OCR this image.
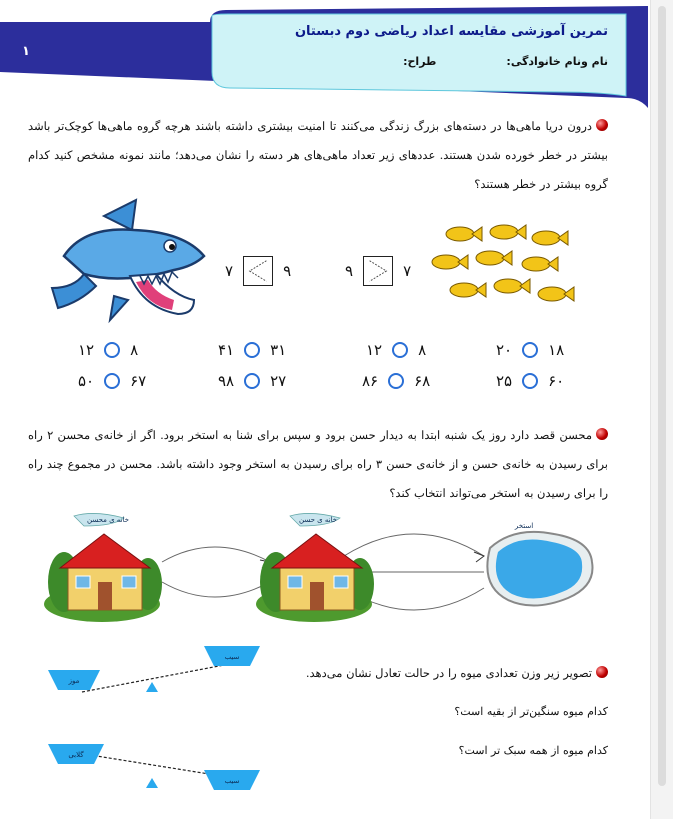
۱
تمرین آموزشی مقایسه اعداد ریاضی دوم دبستان
نام ونام خانوادگی:طراح:
درون دریا ماهی‌ها در دسته‌های بزرگ زندگی می‌کنند تا امنیت بیشتری داشته باشند هرچه گروه ماهی‌ها کوچک‌تر باشد بیشتر در خطر خورده شدن هستند. عددهای زیر تعداد ماهی‌های هر دسته را نشان می‌دهد؛ مانند نمونه مشخص کنید کدام گروه بیشتر در خطر هستند؟
۷	۹	۹	۷
۱۲ ۸	۴۱ ۳۱	۱۲ ۸	۲۰ ۱۸
۵۰ ۶۷	۹۸ ۲۷	۸۶ ۶۸	۲۵ ۶۰
محسن قصد دارد روز یک شنبه ابتدا به دیدار حسن برود و سپس برای شنا به استخر برود. اگر از خانه‌ی محسن ۲ راه برای رسیدن به خانه‌ی حسن و از خانه‌ی حسن ۳ راه برای رسیدن به استخر وجود داشته باشد. محسن در مجموع چند راه را برای رسیدن به استخر می‌تواند انتخاب کند؟
خانه ی محسن	خانه ی حسن
استخر
تصویر زیر وزن تعدادی میوه را در حالت تعادل نشان می‌دهد.
کدام میوه سنگین‌تر از بقیه است؟
کدام میوه از همه سبک تر است؟
موز
سیب
گلابی
سیب
